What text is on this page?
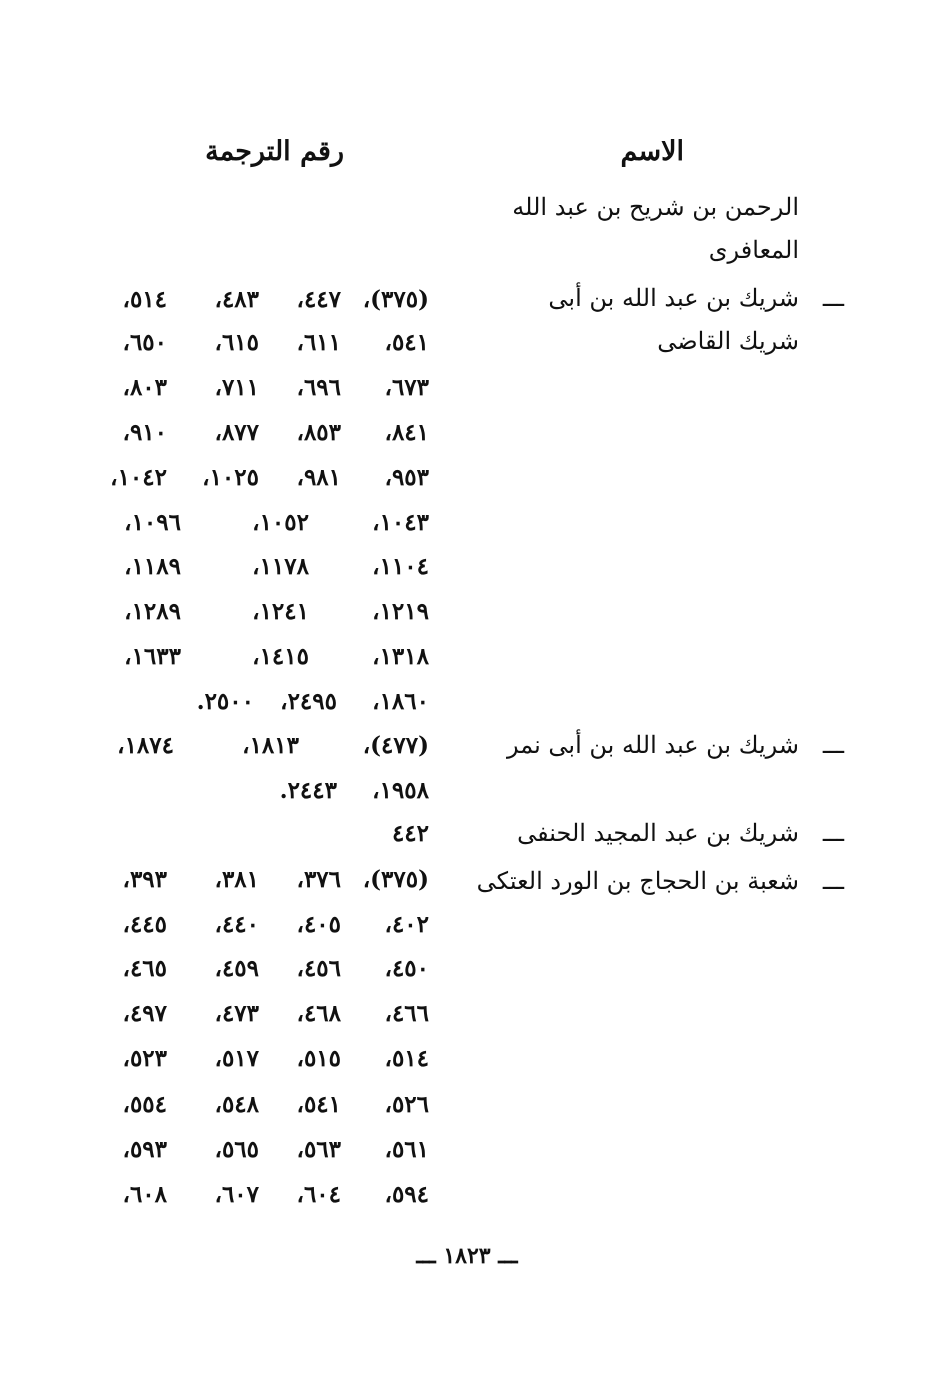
الاسم
رقم الترجمة
الرحمن بن شريح بن عبد الله
المعافرى
شريك بن عبد الله بن أبى
شريك القاضى
ـــ
شريك بن عبد الله بن أبى نمر ـــ
شريك بن عبد المجيد الحنفى ـــ
شعبة بن الحجاج بن الورد العتكى ـــ
(٣٧٥)،
٤٤٧،
٤٨٣،
٥١٤،
٥٤١،
٦١١،
٦١٥،
٦٥٠،
٦٧٣،
٦٩٦،
٧١١،
٨٠٣،
٨٤١،
٨٥٣،
٨٧٧،
٩١٠،
٩٥٣،
٩٨١،
١٠٢٥،
١٠٤٢،
١٠٤٣،
١٠٥٢،
١٠٩٦،
١١٠٤،
١١٧٨،
١١٨٩،
١٢١٩،
١٢٤١،
١٢٨٩،
١٣١٨،
١٤١٥،
١٦٣٣،
١٨٦٠،
٢٤٩٥،
٢٥٠٠.
(٤٧٧)،
١٨١٣،
١٨٧٤،
١٩٥٨،
٢٤٤٣.
٤٤٢
(٣٧٥)،
٣٧٦،
٣٨١،
٣٩٣،
٤٠٢،
٤٠٥،
٤٤٠،
٤٤٥،
٤٥٠،
٤٥٦،
٤٥٩،
٤٦٥،
٤٦٦،
٤٦٨،
٤٧٣،
٤٩٧،
٥١٤،
٥١٥،
٥١٧،
٥٢٣،
٥٢٦،
٥٤١،
٥٤٨،
٥٥٤،
٥٦١،
٥٦٣،
٥٦٥،
٥٩٣،
٥٩٤،
٦٠٤،
٦٠٧،
٦٠٨،
ـــ ١٨٢٣ ـــ
